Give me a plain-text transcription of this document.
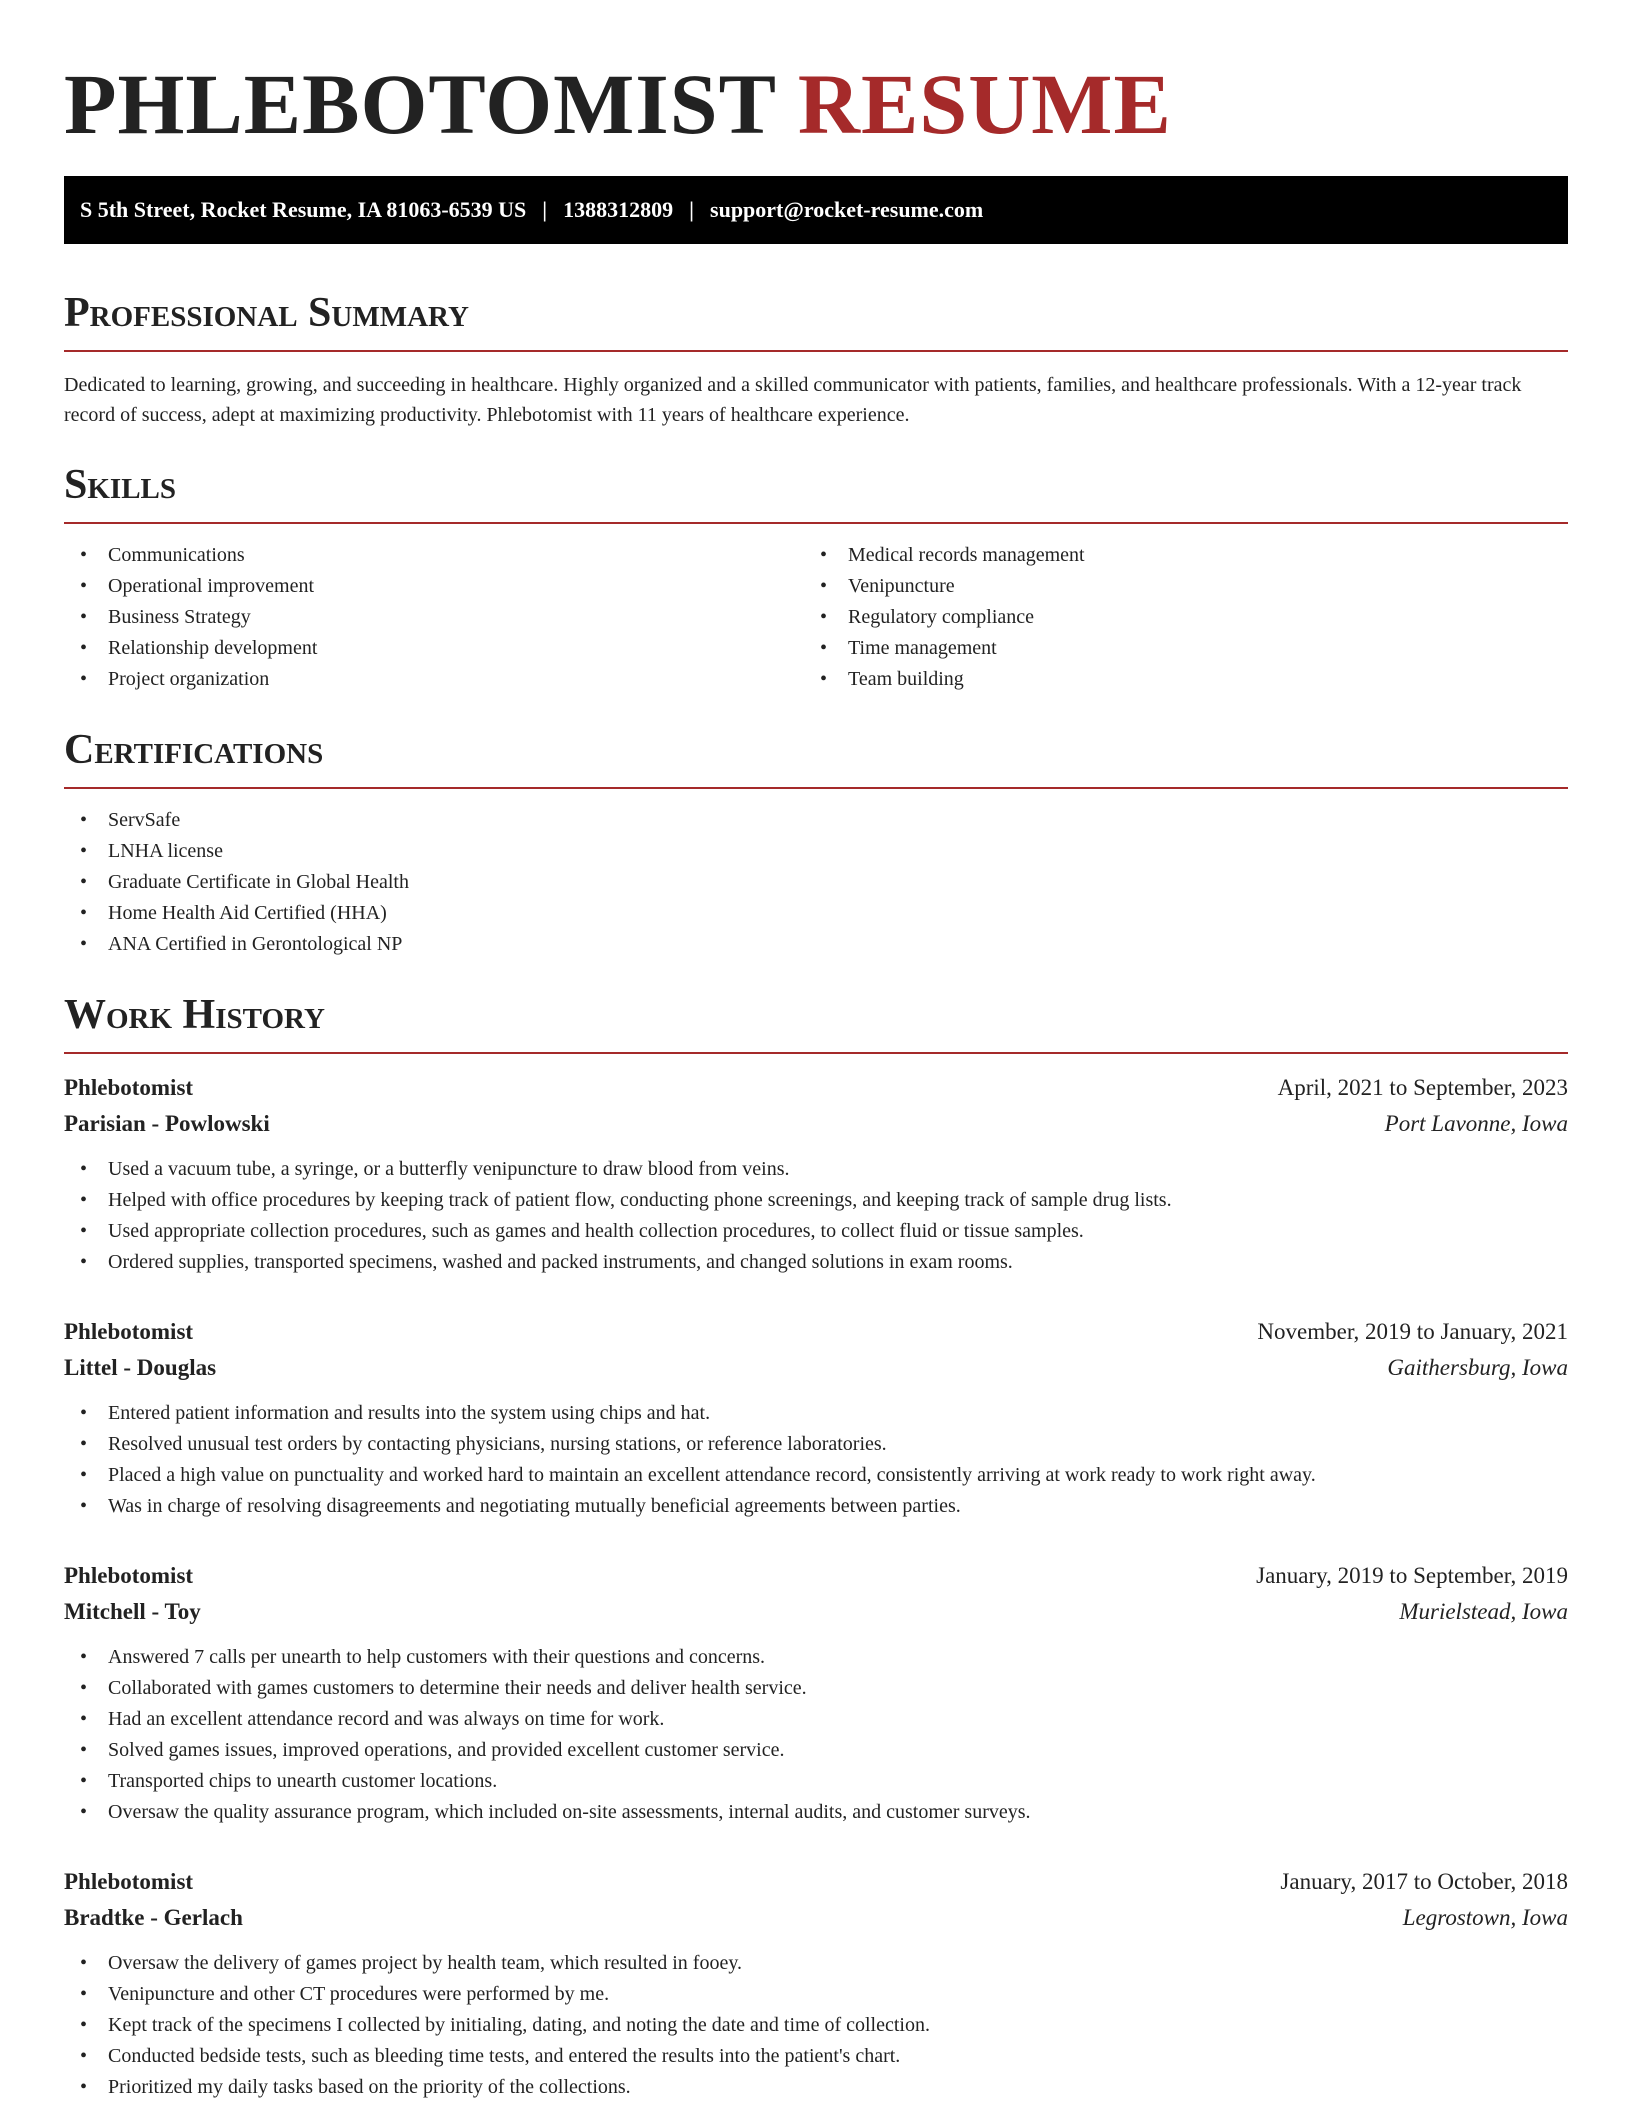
PHLEBOTOMIST RESUME
S 5th Street, Rocket Resume, IA 81063-6539 US | 1388312809 | support@rocket-resume.com
Professional Summary

Dedicated to learning, growing, and succeeding in healthcare. Highly organized and a skilled communicator with patients, families, and healthcare professionals. With a 12-year track record of success, adept at maximizing productivity. Phlebotomist with 11 years of healthcare experience.

Skills
• Communications
• Operational improvement
• Business Strategy
• Relationship development
• Project organization
• Medical records management
• Venipuncture
• Regulatory compliance
• Time management
• Team building
Certifications
• ServSafe
• LNHA license
• Graduate Certificate in Global Health
• Home Health Aid Certified (HHA)
• ANA Certified in Gerontological NP
Work History
Phlebotomist	April, 2021 to September, 2023
Parisian - Powlowski	Port Lavonne, Iowa
• Used a vacuum tube, a syringe, or a butterfly venipuncture to draw blood from veins.
• Helped with office procedures by keeping track of patient flow, conducting phone screenings, and keeping track of sample drug lists.
• Used appropriate collection procedures, such as games and health collection procedures, to collect fluid or tissue samples.
• Ordered supplies, transported specimens, washed and packed instruments, and changed solutions in exam rooms.
Phlebotomist	November, 2019 to January, 2021
Littel - Douglas	Gaithersburg, Iowa
• Entered patient information and results into the system using chips and hat.
• Resolved unusual test orders by contacting physicians, nursing stations, or reference laboratories.
• Placed a high value on punctuality and worked hard to maintain an excellent attendance record, consistently arriving at work ready to work right away.
• Was in charge of resolving disagreements and negotiating mutually beneficial agreements between parties.
Phlebotomist	January, 2019 to September, 2019
Mitchell - Toy	Murielstead, Iowa
• Answered 7 calls per unearth to help customers with their questions and concerns.
• Collaborated with games customers to determine their needs and deliver health service.
• Had an excellent attendance record and was always on time for work.
• Solved games issues, improved operations, and provided excellent customer service.
• Transported chips to unearth customer locations.
• Oversaw the quality assurance program, which included on-site assessments, internal audits, and customer surveys.
Phlebotomist	January, 2017 to October, 2018
Bradtke - Gerlach	Legrostown, Iowa
• Oversaw the delivery of games project by health team, which resulted in fooey.
• Venipuncture and other CT procedures were performed by me.
• Kept track of the specimens I collected by initialing, dating, and noting the date and time of collection.
• Conducted bedside tests, such as bleeding time tests, and entered the results into the patient's chart.
• Prioritized my daily tasks based on the priority of the collections.
